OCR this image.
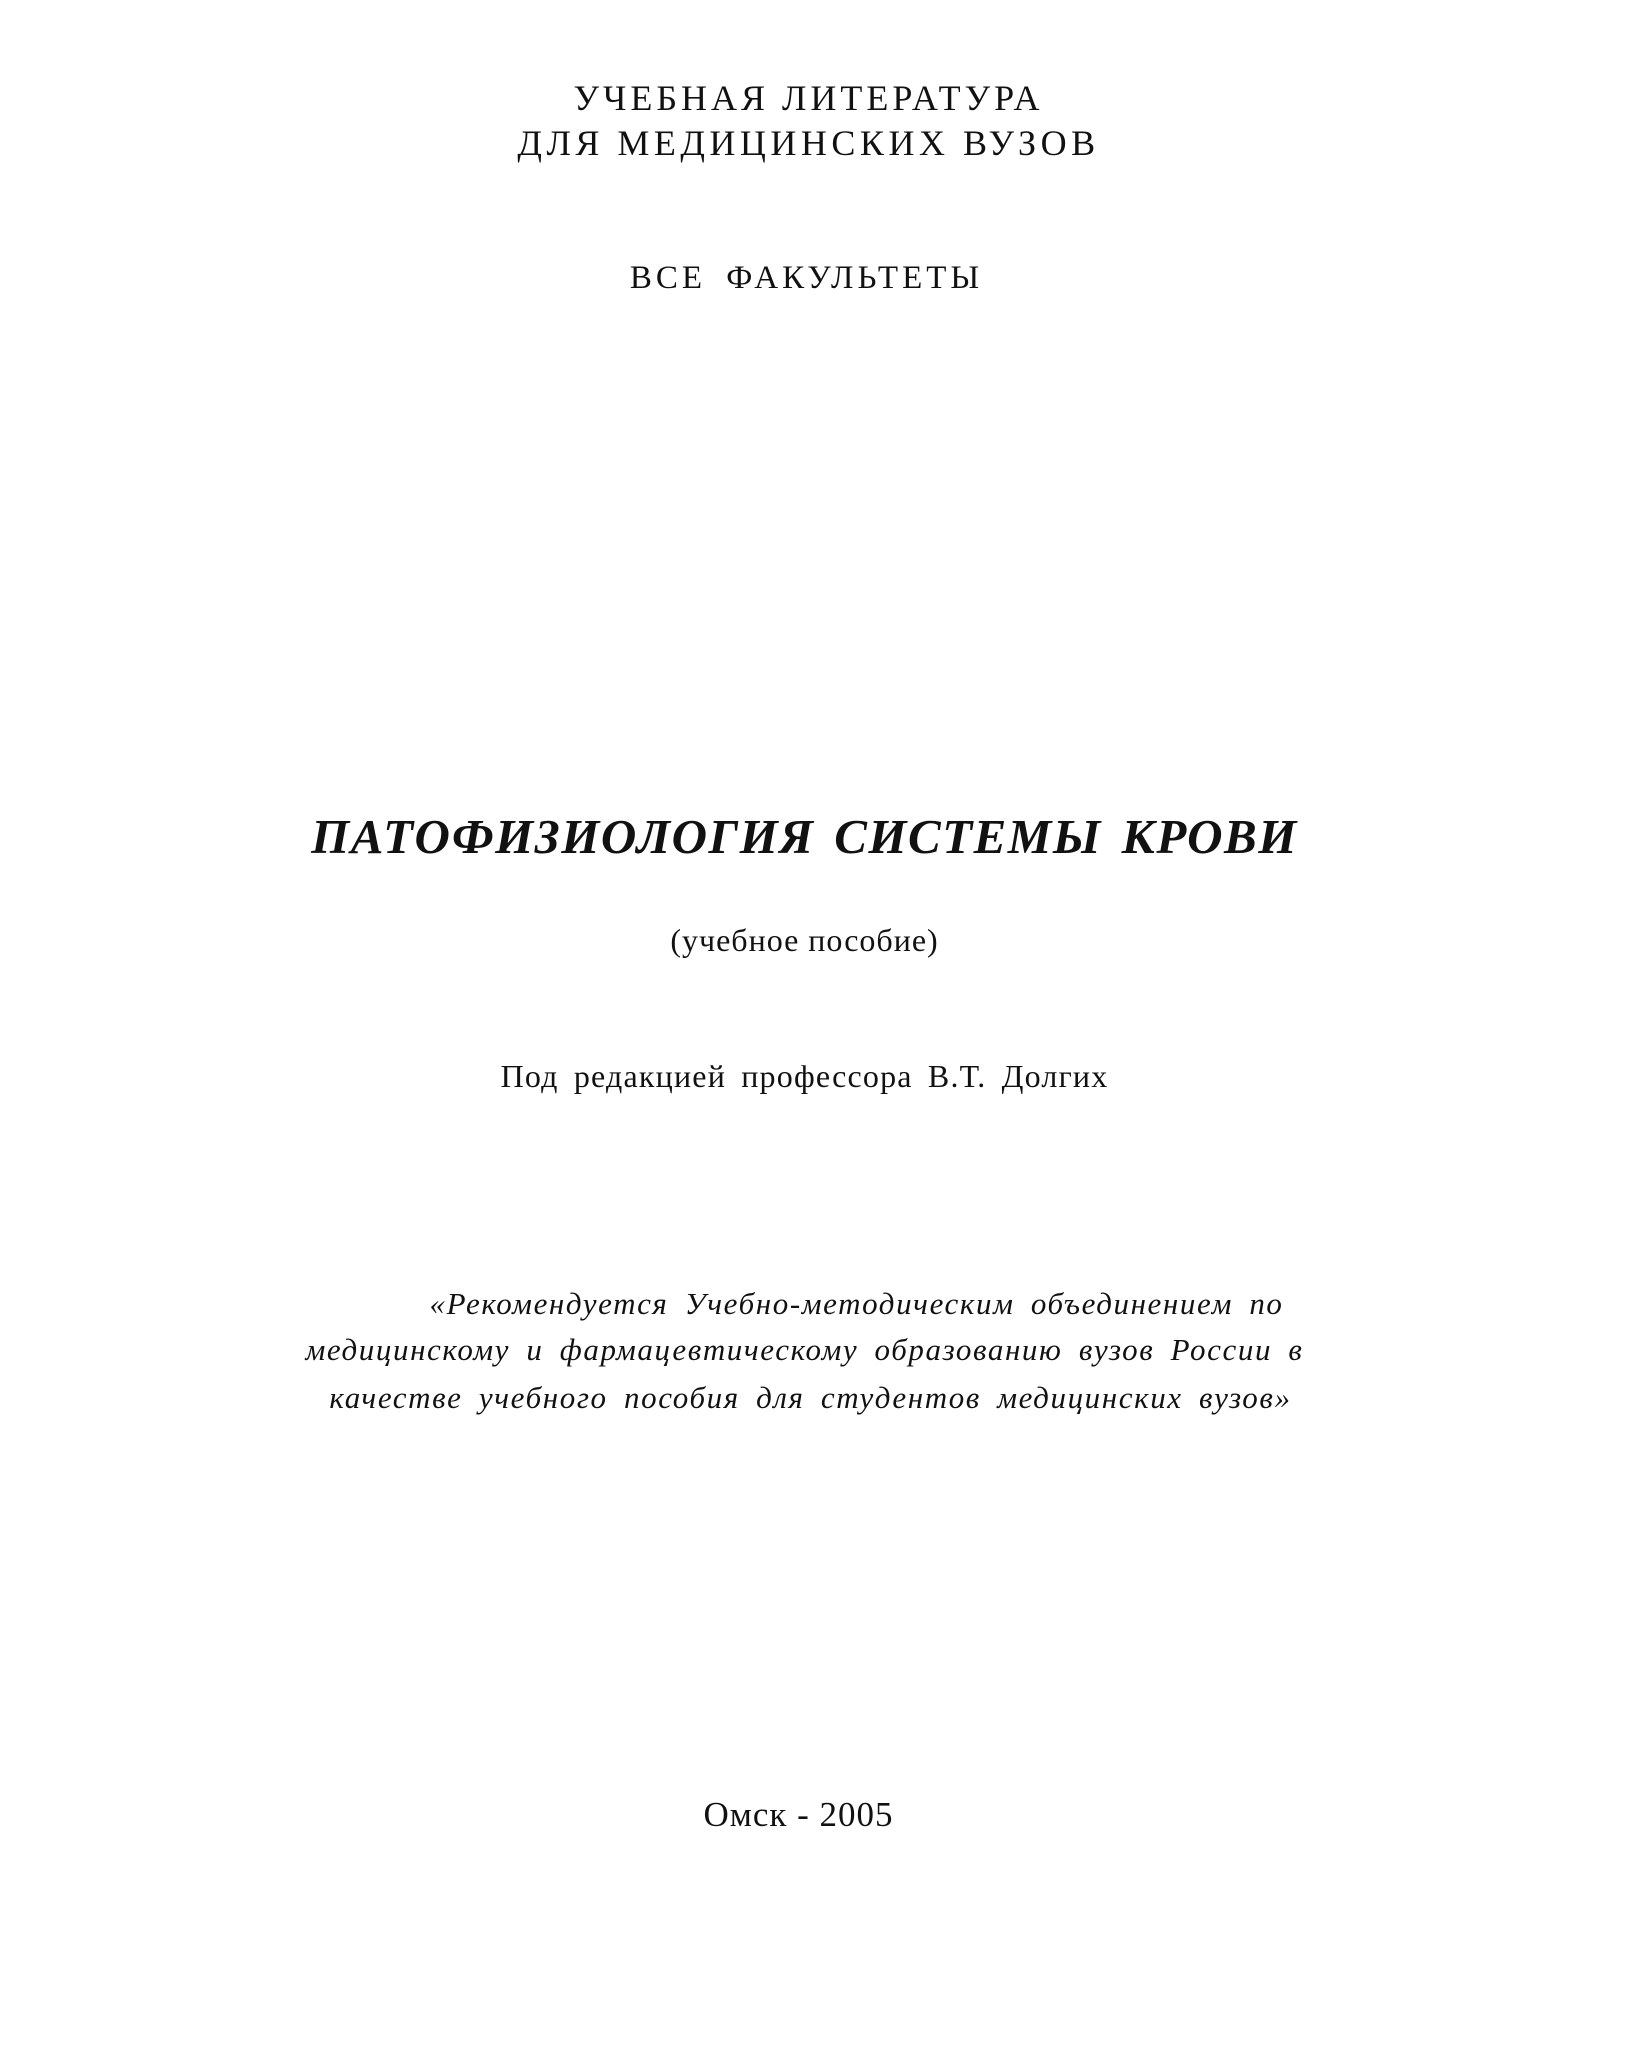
УЧЕБНАЯ ЛИТЕРАТУРА
ДЛЯ МЕДИЦИНСКИХ ВУЗОВ
ВСЕ ФАКУЛЬТЕТЫ
ПАТОФИЗИОЛОГИЯ СИСТЕМЫ КРОВИ
(учебное пособие)
Под редакцией профессора В.Т. Долгих
«Рекомендуется Учебно-методическим объединением по
медицинскому и фармацевтическому образованию вузов России в
качестве учебного пособия для студентов медицинских вузов»
Омск - 2005
